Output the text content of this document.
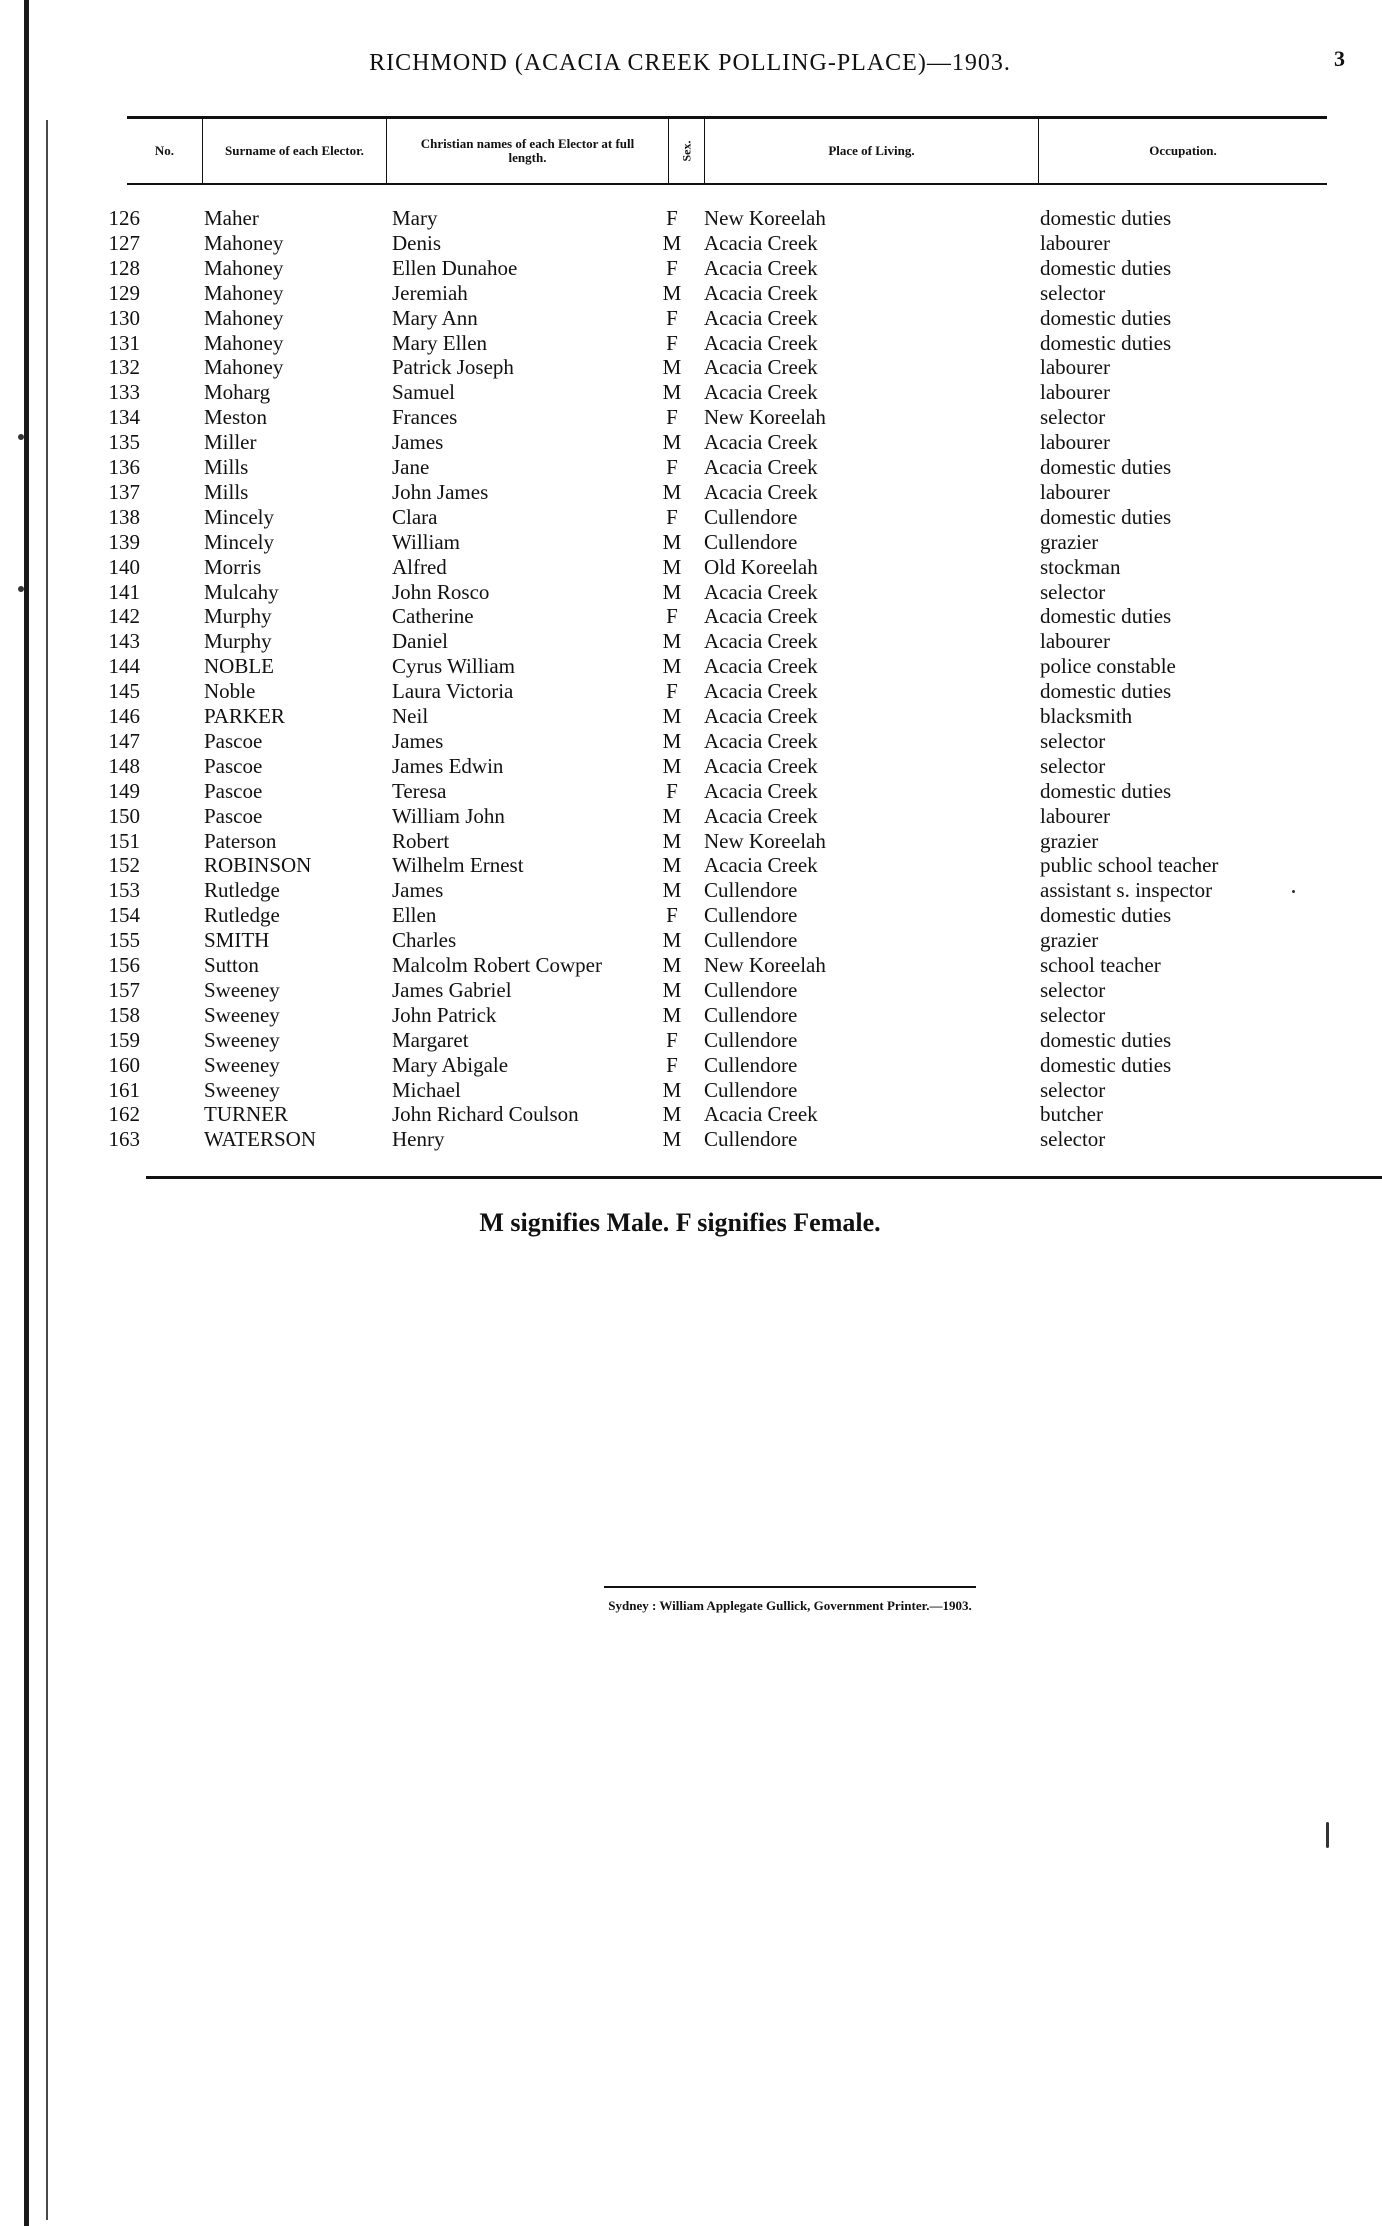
RICHMOND (ACACIA CREEK POLLING-PLACE)—1903.	3
No.	Surname of each Elector.	Christian names of each Elector at full length.	Sex.	Place of Living.	Occupation.
126	Maher	Mary	F New Koreelah	domestic duties
127	Mahoney	Denis	M Acacia Creek	labourer
128	Mahoney	Ellen Dunahoe	F Acacia Creek	domestic duties
129	Mahoney	Jeremiah	M Acacia Creek	selector
130	Mahoney	Mary Ann	F Acacia Creek	domestic duties
131	Mahoney	Mary Ellen	F Acacia Creek	domestic duties
132	Mahoney	Patrick Joseph	M Acacia Creek	labourer
133	Moharg	Samuel	M Acacia Creek	labourer
134	Meston	Frances	F New Koreelah	selector
135	Miller	James	M Acacia Creek	labourer
136	Mills	Jane	F Acacia Creek	domestic duties
137	Mills	John James	M Acacia Creek	labourer
138	Mincely	Clara	F Cullendore	domestic duties
139	Mincely	William	M Cullendore	grazier
140	Morris	Alfred	M Old Koreelah	stockman
141	Mulcahy	John Rosco	M Acacia Creek	selector
142	Murphy	Catherine	F Acacia Creek	domestic duties
143	Murphy	Daniel	M Acacia Creek	labourer
144	NOBLE	Cyrus William	M Acacia Creek	police constable
145	Noble	Laura Victoria	F Acacia Creek	domestic duties
146	PARKER	Neil	M Acacia Creek	blacksmith
147	Pascoe	James	M Acacia Creek	selector
148	Pascoe	James Edwin	M Acacia Creek	selector
149	Pascoe	Teresa	F Acacia Creek	domestic duties
150	Pascoe	William John	M Acacia Creek	labourer
151	Paterson	Robert	M New Koreelah	grazier
152	ROBINSON	Wilhelm Ernest	M Acacia Creek	public school teacher
153	Rutledge	James	M Cullendore	assistant s. inspector
154	Rutledge	Ellen	F Cullendore	domestic duties
155	SMITH	Charles	M Cullendore	grazier
156	Sutton	Malcolm Robert Cowper	M New Koreelah	school teacher
157	Sweeney	James Gabriel	M Cullendore	selector
158	Sweeney	John Patrick	M Cullendore	selector
159	Sweeney	Margaret	F Cullendore	domestic duties
160	Sweeney	Mary Abigale	F Cullendore	domestic duties
161	Sweeney	Michael	M Cullendore	selector
162	TURNER	John Richard Coulson	M Acacia Creek	butcher
163	WATERSON	Henry	M Cullendore	selector
M signifies Male. F signifies Female.
Sydney : William Applegate Gullick, Government Printer.—1903.
